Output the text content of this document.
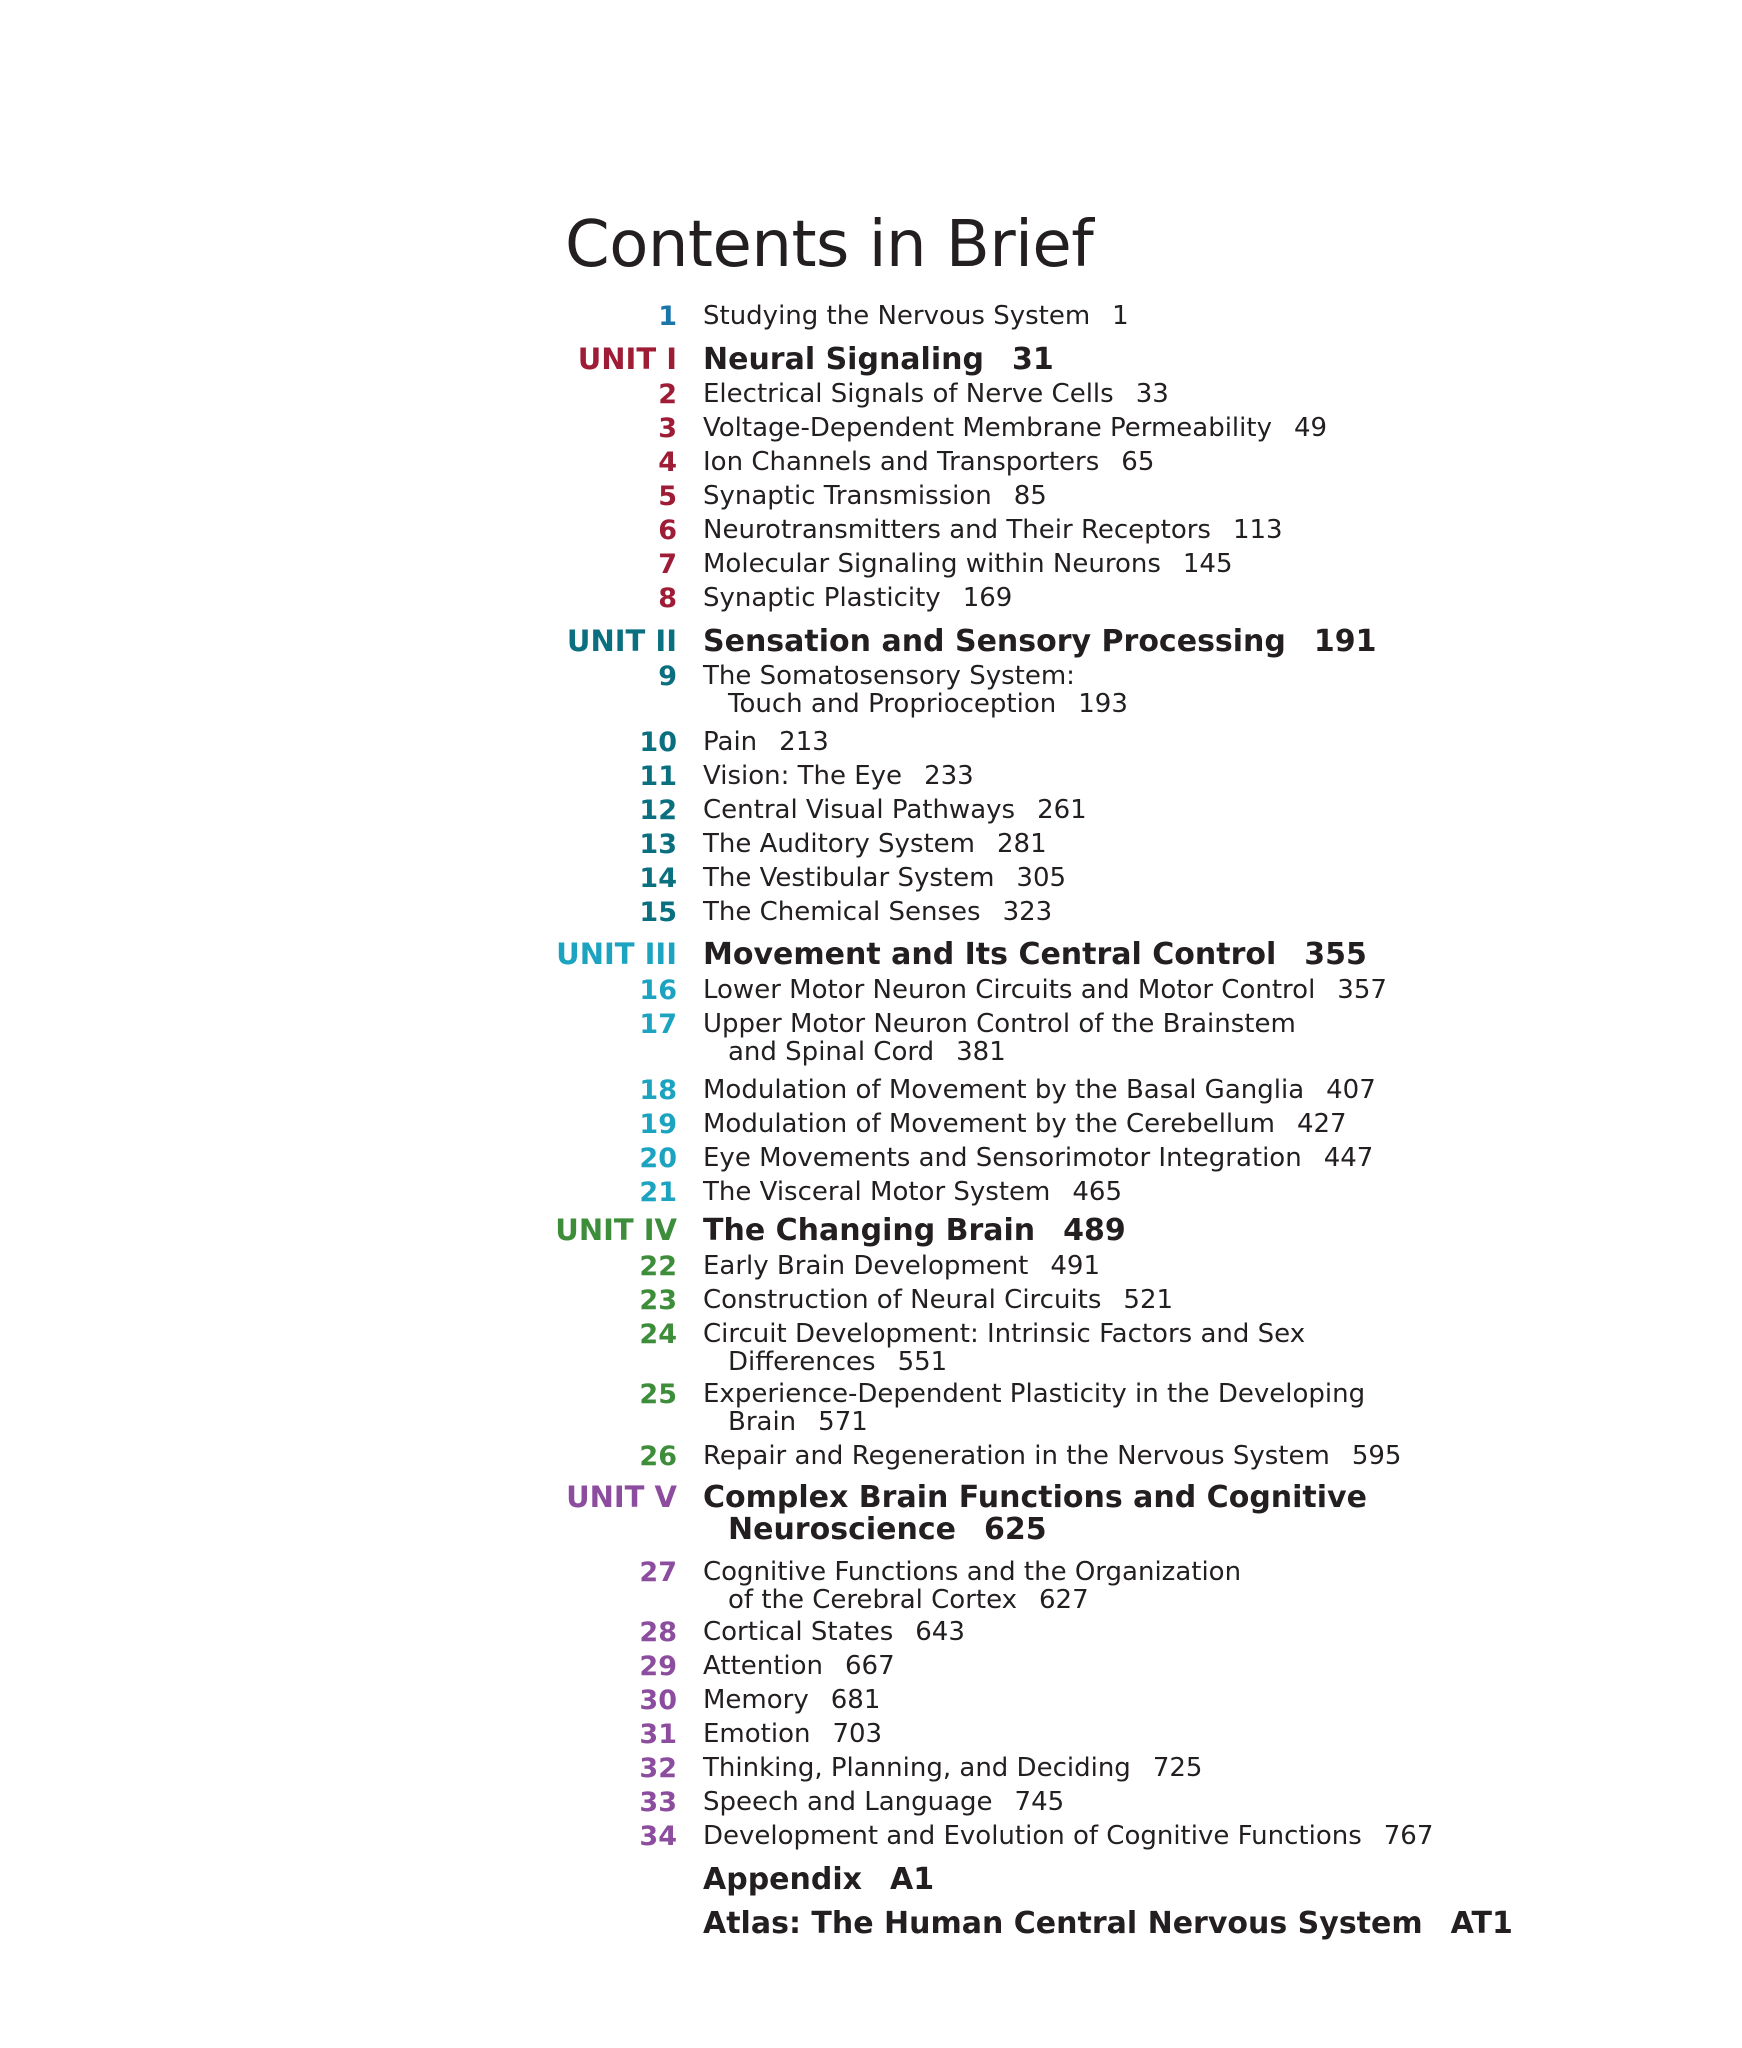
Contents in Brief
1 Studying the Nervous System 1
UNIT I Neural Signaling 31
2 Electrical Signals of Nerve Cells 33
3 Voltage-Dependent Membrane Permeability 49
4 Ion Channels and Transporters 65
5 Synaptic Transmission 85
6 Neurotransmitters and Their Receptors 113
7 Molecular Signaling within Neurons 145
8 Synaptic Plasticity 169
UNIT II Sensation and Sensory Processing 191
9 The Somatosensory System:
Touch and Proprioception 193
10 Pain 213
11 Vision: The Eye 233
12 Central Visual Pathways 261
13 The Auditory System 281
14 The Vestibular System 305
15 The Chemical Senses 323
UNIT III Movement and Its Central Control 355
16 Lower Motor Neuron Circuits and Motor Control 357
17 Upper Motor Neuron Control of the Brainstem
and Spinal Cord 381
18 Modulation of Movement by the Basal Ganglia 407
19 Modulation of Movement by the Cerebellum 427
20 Eye Movements and Sensorimotor Integration 447
21 The Visceral Motor System 465
UNIT IV The Changing Brain 489
22 Early Brain Development 491
23 Construction of Neural Circuits 521
24 Circuit Development: Intrinsic Factors and Sex
Differences 551
25 Experience-Dependent Plasticity in the Developing
Brain 571
26 Repair and Regeneration in the Nervous System 595
UNIT V Complex Brain Functions and Cognitive
Neuroscience 625
27 Cognitive Functions and the Organization
of the Cerebral Cortex 627
28 Cortical States 643
29 Attention 667
30 Memory 681
31 Emotion 703
32 Thinking, Planning, and Deciding 725
33 Speech and Language 745
34 Development and Evolution of Cognitive Functions 767
Appendix A1
Atlas: The Human Central Nervous System AT1
